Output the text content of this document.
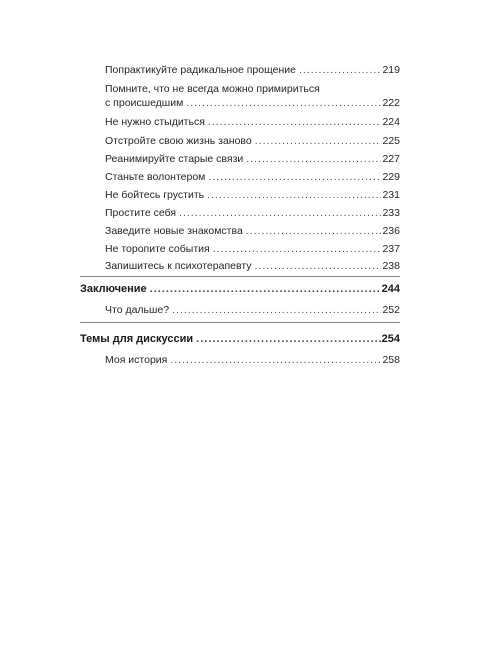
Попрактикуйте радикальное прощение .....	219
Помните, что не всегда можно примириться
с происшедшим .....	222
Не нужно стыдиться .....	224
Отстройте свою жизнь заново .....	225
Реанимируйте старые связи .....	227
Станьте волонтером .....	229
Не бойтесь грустить .....	231
Простите себя .....	233
Заведите новые знакомства .....	236
Не торопите события .....	237
Запишитесь к психотерапевту .....	238
Заключение .....	244
Что дальше? .....	252
Темы для дискуссии .....	254
Моя история .....	258
